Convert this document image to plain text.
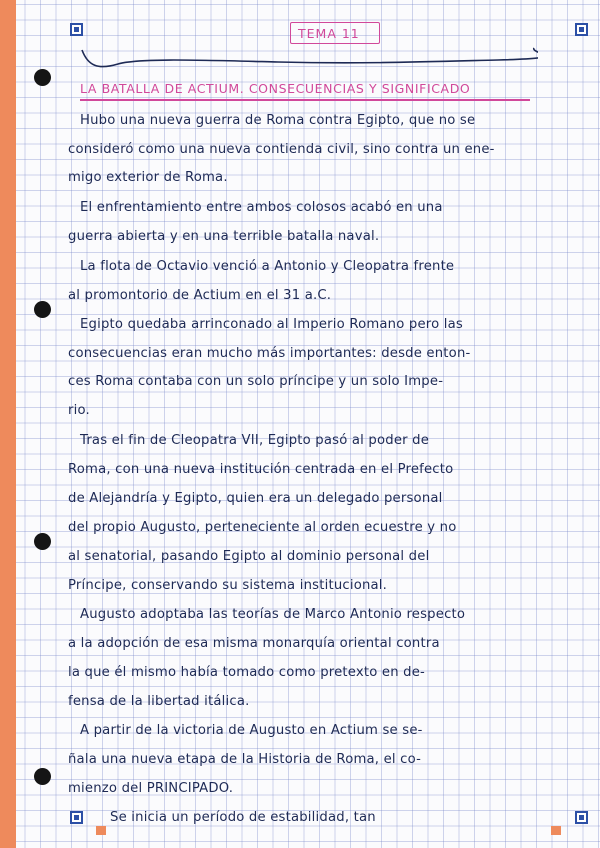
TEMA 11
LA BATALLA DE ACTIUM. CONSECUENCIAS Y SIGNIFICADO
Hubo una nueva guerra de Roma contra Egipto, que no se
consideró como una nueva contienda civil, sino contra un ene-
migo exterior de Roma.
El enfrentamiento entre ambos colosos acabó en una
guerra abierta y en una terrible batalla naval.
La flota de Octavio venció a Antonio y Cleopatra frente
al promontorio de Actium en el 31 a.C.
Egipto quedaba arrinconado al Imperio Romano pero las
consecuencias eran mucho más importantes: desde enton-
ces Roma contaba con un solo príncipe y un solo Impe-
rio.
Tras el fin de Cleopatra VII, Egipto pasó al poder de
Roma, con una nueva institución centrada en el Prefecto
de Alejandría y Egipto, quien era un delegado personal
del propio Augusto, perteneciente al orden ecuestre y no
al senatorial, pasando Egipto al dominio personal del
Príncipe, conservando su sistema institucional.
Augusto adoptaba las teorías de Marco Antonio respecto
a la adopción de esa misma monarquía oriental contra
la que él mismo había tomado como pretexto en de-
fensa de la libertad itálica.
A partir de la victoria de Augusto en Actium se se-
ñala una nueva etapa de la Historia de Roma, el co-
mienzo del PRINCIPADO.
Se inicia un período de estabilidad, tan
